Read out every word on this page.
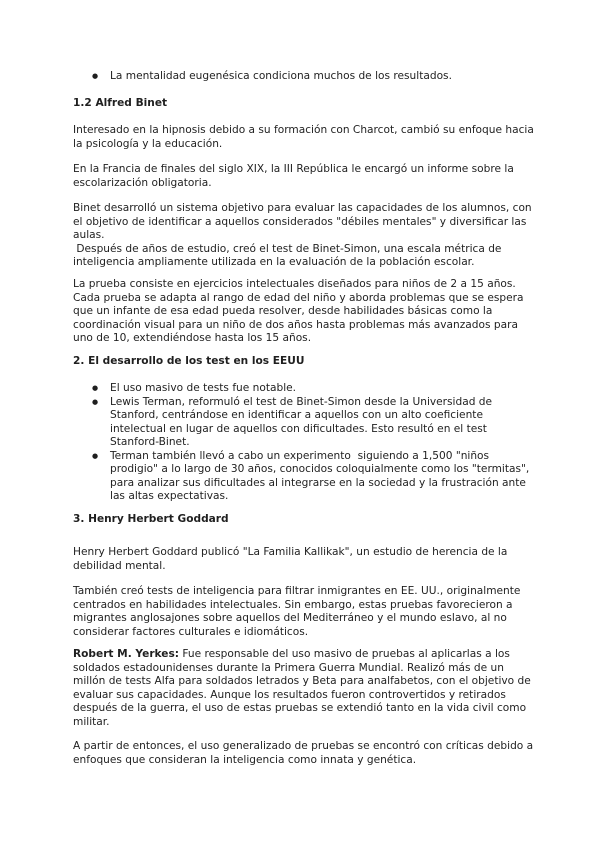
● La mentalidad eugenésica condiciona muchos de los resultados.

1.2 Alfred Binet
Interesado en la hipnosis debido a su formación con Charcot, cambió su enfoque hacia la psicología y la educación.
En la Francia de finales del siglo XIX, la III República le encargó un informe sobre la escolarización obligatoria.
Binet desarrolló un sistema objetivo para evaluar las capacidades de los alumnos, con el objetivo de identificar a aquellos considerados "débiles mentales" y diversificar las aulas.
Después de años de estudio, creó el test de Binet-Simon, una escala métrica de inteligencia ampliamente utilizada en la evaluación de la población escolar.
La prueba consiste en ejercicios intelectuales diseñados para niños de 2 a 15 años. Cada prueba se adapta al rango de edad del niño y aborda problemas que se espera que un infante de esa edad pueda resolver, desde habilidades básicas como la coordinación visual para un niño de dos años hasta problemas más avanzados para uno de 10, extendiéndose hasta los 15 años.
2. El desarrollo de los test en los EEUU

● El uso masivo de tests fue notable.

● Lewis Terman, reformuló el test de Binet-Simon desde la Universidad de Stanford, centrándose en identificar a aquellos con un alto coeficiente intelectual en lugar de aquellos con dificultades. Esto resultó en el test Stanford-Binet.

● Terman también llevó a cabo un experimento  siguiendo a 1,500 "niños prodigio" a lo largo de 30 años, conocidos coloquialmente como los "termitas", para analizar sus dificultades al integrarse en la sociedad y la frustración ante las altas expectativas.

3. Henry Herbert Goddard
Henry Herbert Goddard publicó "La Familia Kallikak", un estudio de herencia de la debilidad mental.
También creó tests de inteligencia para filtrar inmigrantes en EE. UU., originalmente centrados en habilidades intelectuales. Sin embargo, estas pruebas favorecieron a migrantes anglosajones sobre aquellos del Mediterráneo y el mundo eslavo, al no considerar factores culturales e idiomáticos.
Robert M. Yerkes: Fue responsable del uso masivo de pruebas al aplicarlas a los soldados estadounidenses durante la Primera Guerra Mundial. Realizó más de un millón de tests Alfa para soldados letrados y Beta para analfabetos, con el objetivo de evaluar sus capacidades. Aunque los resultados fueron controvertidos y retirados después de la guerra, el uso de estas pruebas se extendió tanto en la vida civil como militar.
A partir de entonces, el uso generalizado de pruebas se encontró con críticas debido a enfoques que consideran la inteligencia como innata y genética.
